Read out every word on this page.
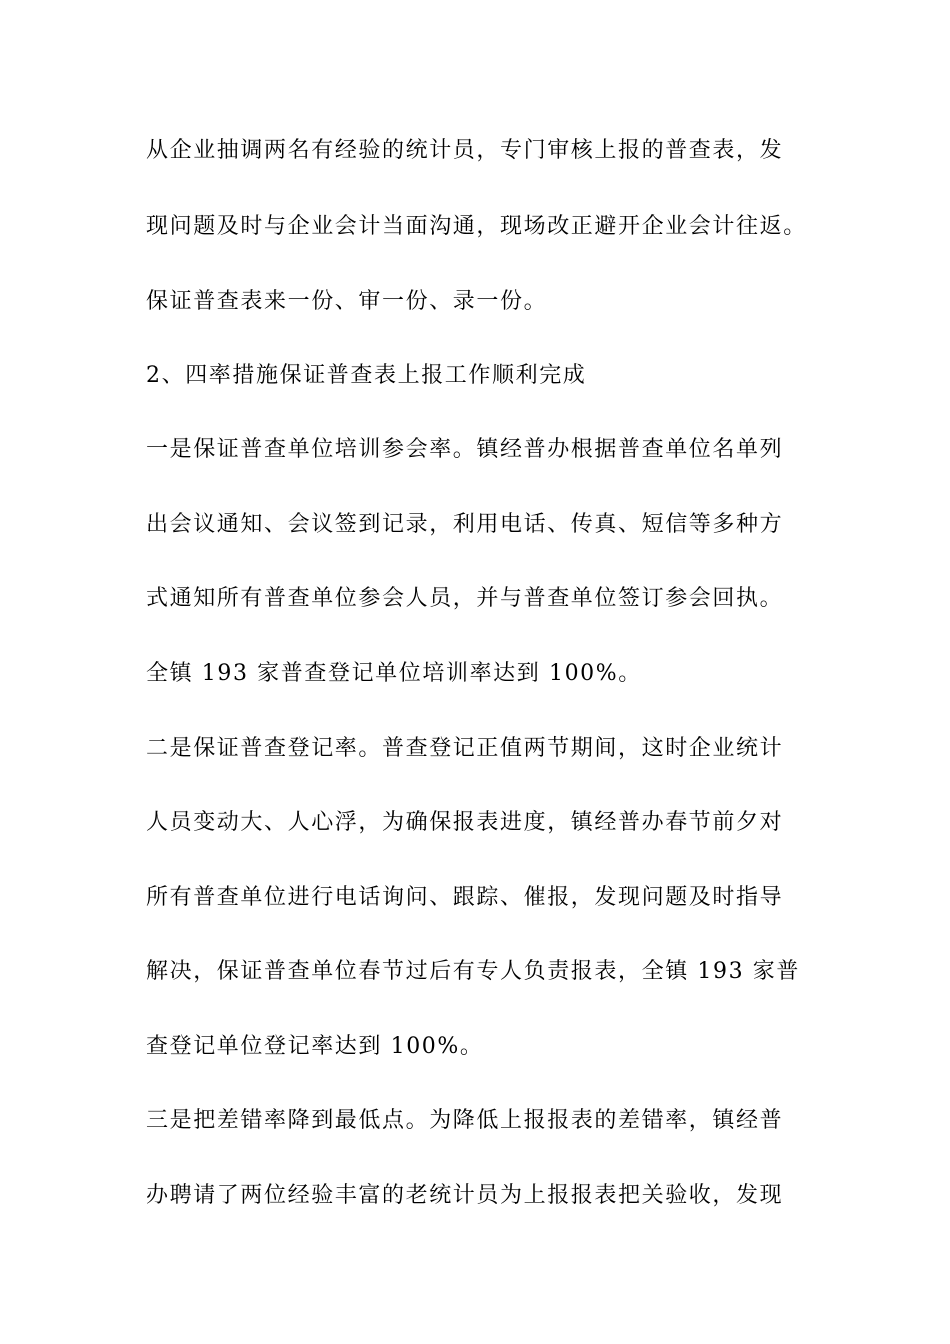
从企业抽调两名有经验的统计员，专门审核上报的普查表，发
现问题及时与企业会计当面沟通，现场改正避开企业会计往返。
保证普查表来一份、审一份、录一份。
2、四率措施保证普查表上报工作顺利完成
一是保证普查单位培训参会率。镇经普办根据普查单位名单列
出会议通知、会议签到记录，利用电话、传真、短信等多种方
式通知所有普查单位参会人员，并与普查单位签订参会回执。
全镇 193 家普查登记单位培训率达到 100%。
二是保证普查登记率。普查登记正值两节期间，这时企业统计
人员变动大、人心浮，为确保报表进度，镇经普办春节前夕对
所有普查单位进行电话询问、跟踪、催报，发现问题及时指导
解决，保证普查单位春节过后有专人负责报表，全镇 193 家普
查登记单位登记率达到 100%。
三是把差错率降到最低点。为降低上报报表的差错率，镇经普
办聘请了两位经验丰富的老统计员为上报报表把关验收，发现
